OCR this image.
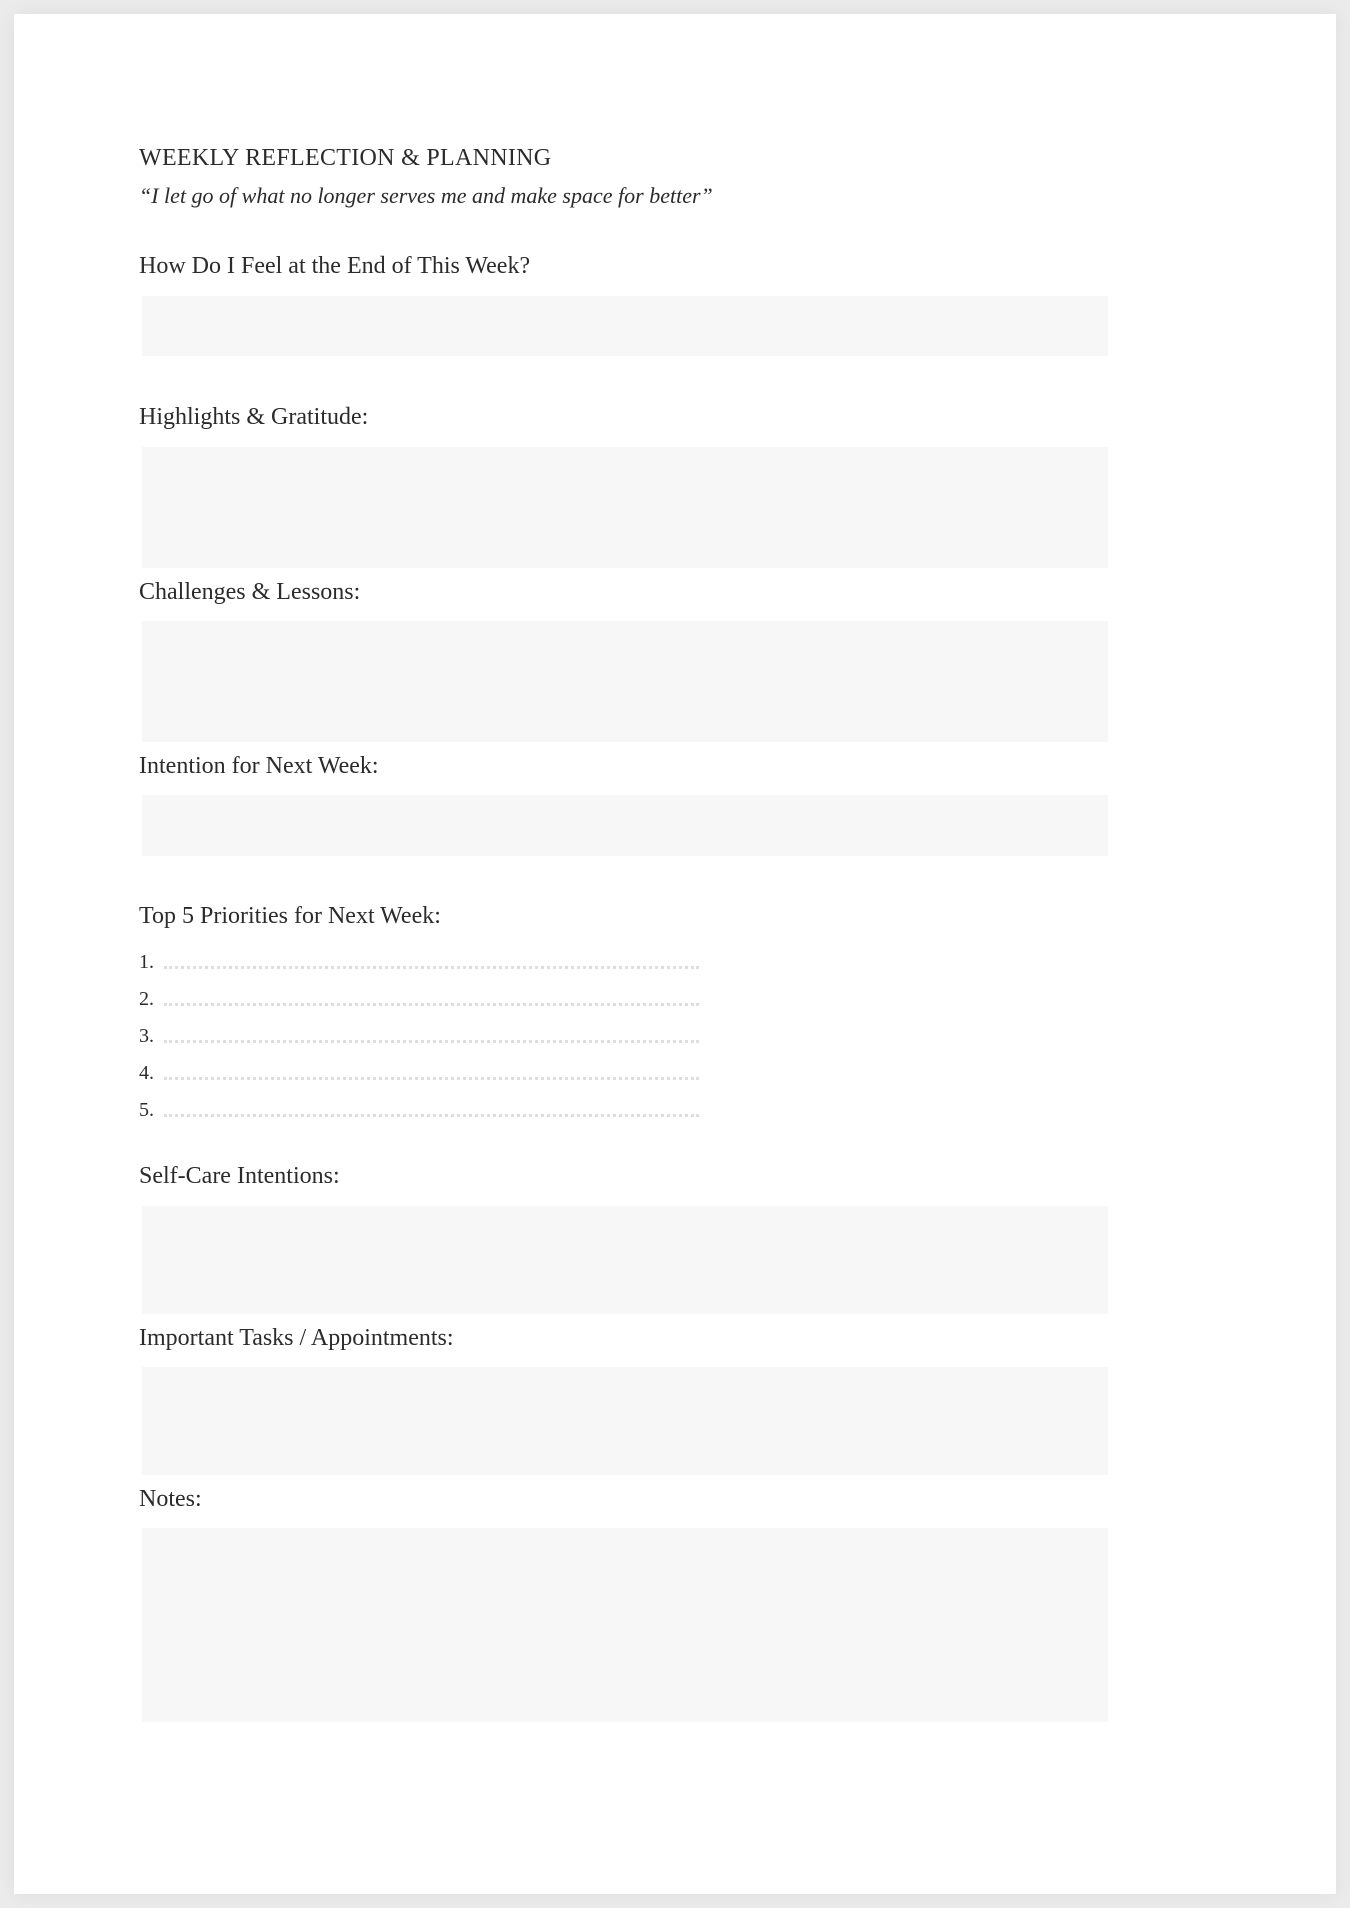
WEEKLY REFLECTION & PLANNING
“I let go of what no longer serves me and make space for better”
How Do I Feel at the End of This Week?
Highlights & Gratitude:
Challenges & Lessons:
Intention for Next Week:
Top 5 Priorities for Next Week:
1.
2.
3.
4.
5.
Self-Care Intentions:
Important Tasks / Appointments:
Notes:
